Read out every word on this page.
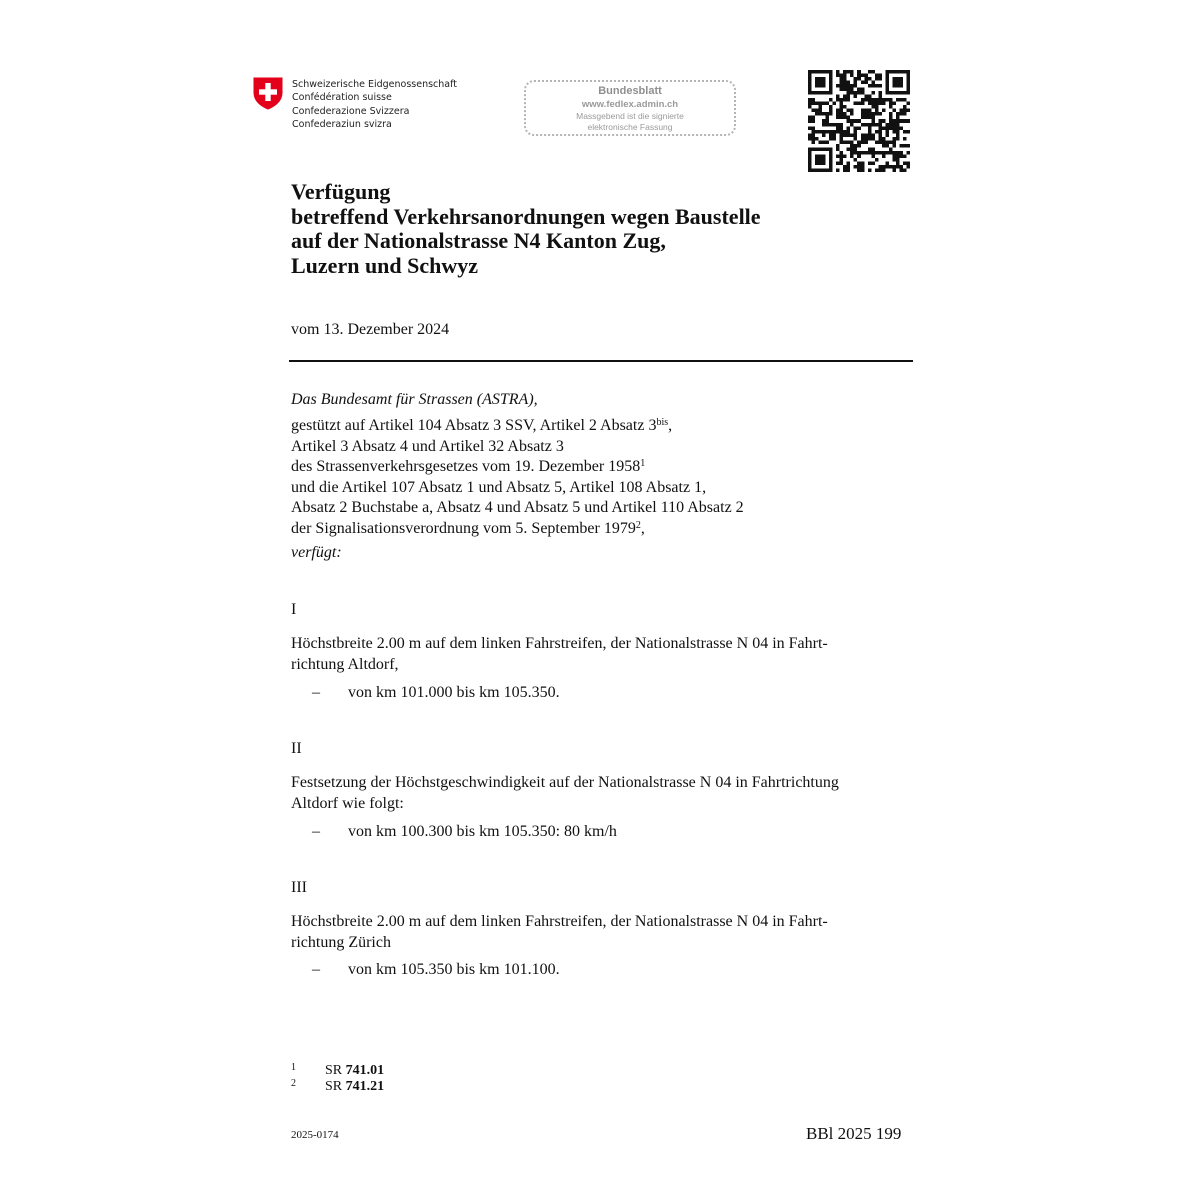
Schweizerische Eidgenossenschaft
Confédération suisse
Confederazione Svizzera
Confederaziun svizra
Bundesblatt
www.fedlex.admin.ch
Massgebend ist die signierte
elektronische Fassung
Verfügung
betreffend Verkehrsanordnungen wegen Baustelle
auf der Nationalstrasse N4 Kanton Zug,
Luzern und Schwyz
vom 13. Dezember 2024
Das Bundesamt für Strassen (ASTRA),
gestützt auf Artikel 104 Absatz 3 SSV, Artikel 2 Absatz $3^{bis}$,
Artikel 3 Absatz 4 und Artikel 32 Absatz 3
des Strassenverkehrsgesetzes vom 19. Dezember 1958$^1$
und die Artikel 107 Absatz 1 und Absatz 5, Artikel 108 Absatz 1,
Absatz 2 Buchstabe a, Absatz 4 und Absatz 5 und Artikel 110 Absatz 2
der Signalisationsverordnung vom 5. September 1979$^2$,
verfügt:
I
Höchstbreite 2.00 m auf dem linken Fahrstreifen, der Nationalstrasse N 04 in Fahrt-
richtung Altdorf,
– von km 101.000 bis km 105.350.
II
Festsetzung der Höchstgeschwindigkeit auf der Nationalstrasse N 04 in Fahrtrichtung
Altdorf wie folgt:
– von km 100.300 bis km 105.350: 80 km/h
III
Höchstbreite 2.00 m auf dem linken Fahrstreifen, der Nationalstrasse N 04 in Fahrt-
richtung Zürich
– von km 105.350 bis km 101.100.
1 SR 741.01
2 SR 741.21
2025-0174	BBl 2025 199
